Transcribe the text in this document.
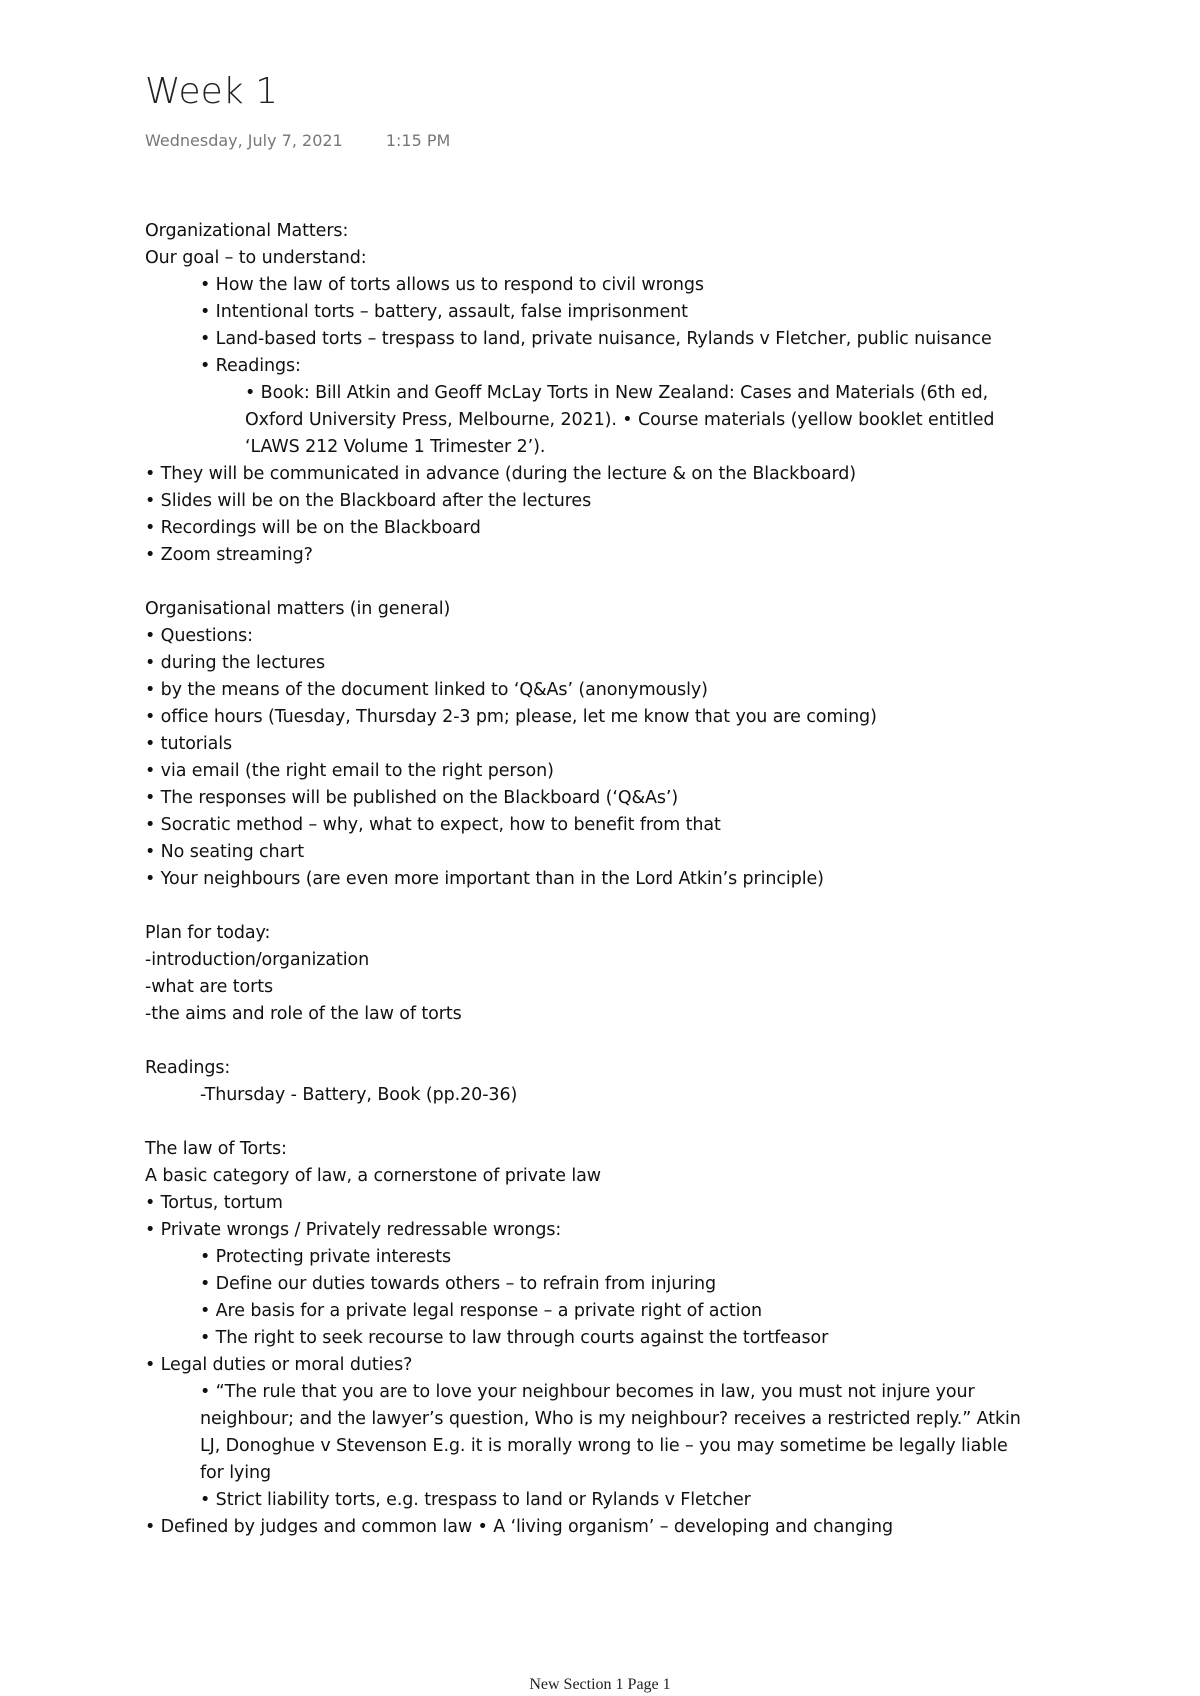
Week 1
Wednesday, July 7, 2021	1:15 PM
Organizational Matters:
Our goal – to understand:
• How the law of torts allows us to respond to civil wrongs
• Intentional torts – battery, assault, false imprisonment
• Land-based torts – trespass to land, private nuisance, Rylands v Fletcher, public nuisance
• Readings:
• Book: Bill Atkin and Geoff McLay Torts in New Zealand: Cases and Materials (6th ed,
Oxford University Press, Melbourne, 2021). • Course materials (yellow booklet entitled
‘LAWS 212 Volume 1 Trimester 2’).
• They will be communicated in advance (during the lecture & on the Blackboard)
• Slides will be on the Blackboard after the lectures
• Recordings will be on the Blackboard
• Zoom streaming?
Organisational matters (in general)
• Questions:
• during the lectures
• by the means of the document linked to ‘Q&As’ (anonymously)
• office hours (Tuesday, Thursday 2-3 pm; please, let me know that you are coming)
• tutorials
• via email (the right email to the right person)
• The responses will be published on the Blackboard (‘Q&As’)
• Socratic method – why, what to expect, how to benefit from that
• No seating chart
• Your neighbours (are even more important than in the Lord Atkin’s principle)
Plan for today:
-introduction/organization
-what are torts
-the aims and role of the law of torts
Readings:
-Thursday - Battery, Book (pp.20-36)
The law of Torts:
A basic category of law, a cornerstone of private law
• Tortus, tortum
• Private wrongs / Privately redressable wrongs:
• Protecting private interests
• Define our duties towards others – to refrain from injuring
• Are basis for a private legal response – a private right of action
• The right to seek recourse to law through courts against the tortfeasor
• Legal duties or moral duties?
• “The rule that you are to love your neighbour becomes in law, you must not injure your
neighbour; and the lawyer’s question, Who is my neighbour? receives a restricted reply.” Atkin
LJ, Donoghue v Stevenson E.g. it is morally wrong to lie – you may sometime be legally liable
for lying
• Strict liability torts, e.g. trespass to land or Rylands v Fletcher
• Defined by judges and common law • A ‘living organism’ – developing and changing
New Section 1 Page 1
